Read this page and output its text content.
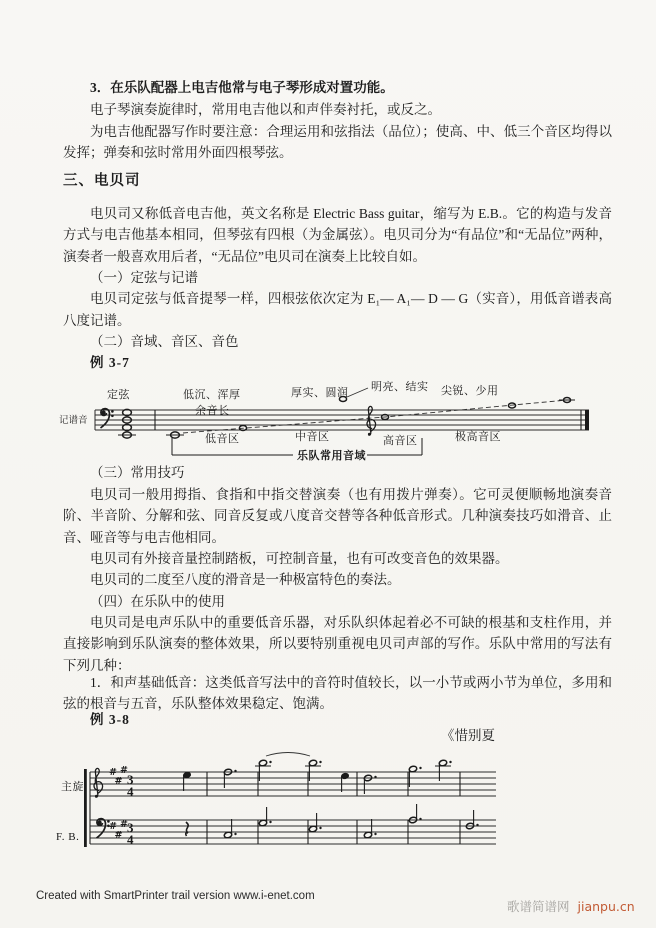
3．在乐队配器上电吉他常与电子琴形成对置功能。

电子琴演奏旋律时，常用电吉他以和声伴奏衬托，或反之。

为电吉他配器写作时要注意：合理运用和弦指法（品位）；使高、中、低三个音区均得以发挥；弹奏和弦时常用外面四根琴弦。

三、电贝司

电贝司又称低音电吉他，英文名称是 Electric Bass guitar，缩写为 E.B.。它的构造与发音方式与电吉他基本相同，但琴弦有四根（为金属弦）。电贝司分为“有品位”和“无品位”两种，演奏者一般喜欢用后者，“无品位”电贝司在演奏上比较自如。

（一）定弦与记谱

电贝司定弦与低音提琴一样，四根弦依次定为 E₁— A₁— D — G（实音），用低音谱表高八度记谱。

（二）音域、音区、音色

例 3-7

记谱音
定弦	低沉、浑厚
余音长
低音区
厚实、圆润
中音区
明亮、结实
高音区
尖锐、少用
极高音区
乐队常用音域

（三）常用技巧

电贝司一般用拇指、食指和中指交替演奏（也有用拨片弹奏）。它可灵便顺畅地演奏音阶、半音阶、分解和弦、同音反复或八度音交替等各种低音形式。几种演奏技巧如滑音、止音、哑音等与电吉他相同。

电贝司有外接音量控制踏板，可控制音量，也有可改变音色的效果器。

电贝司的二度至八度的滑音是一种极富特色的奏法。

（四）在乐队中的使用

电贝司是电声乐队中的重要低音乐器，对乐队织体起着必不可缺的根基和支柱作用，并直接影响到乐队演奏的整体效果，所以要特别重视电贝司声部的写作。乐队中常用的写法有下列几种：

1．和声基础低音：这类低音写法中的音符时值较长，以一小节或两小节为单位，多用和弦的根音与五音，乐队整体效果稳定、饱满。

例 3-8

《惜别夏

主旋
F. B.
#
#
#
#
#
#
3
4
3
4

Created with SmartPrinter trail version www.i-enet.com

歌谱简谱网 jianpu.cn
